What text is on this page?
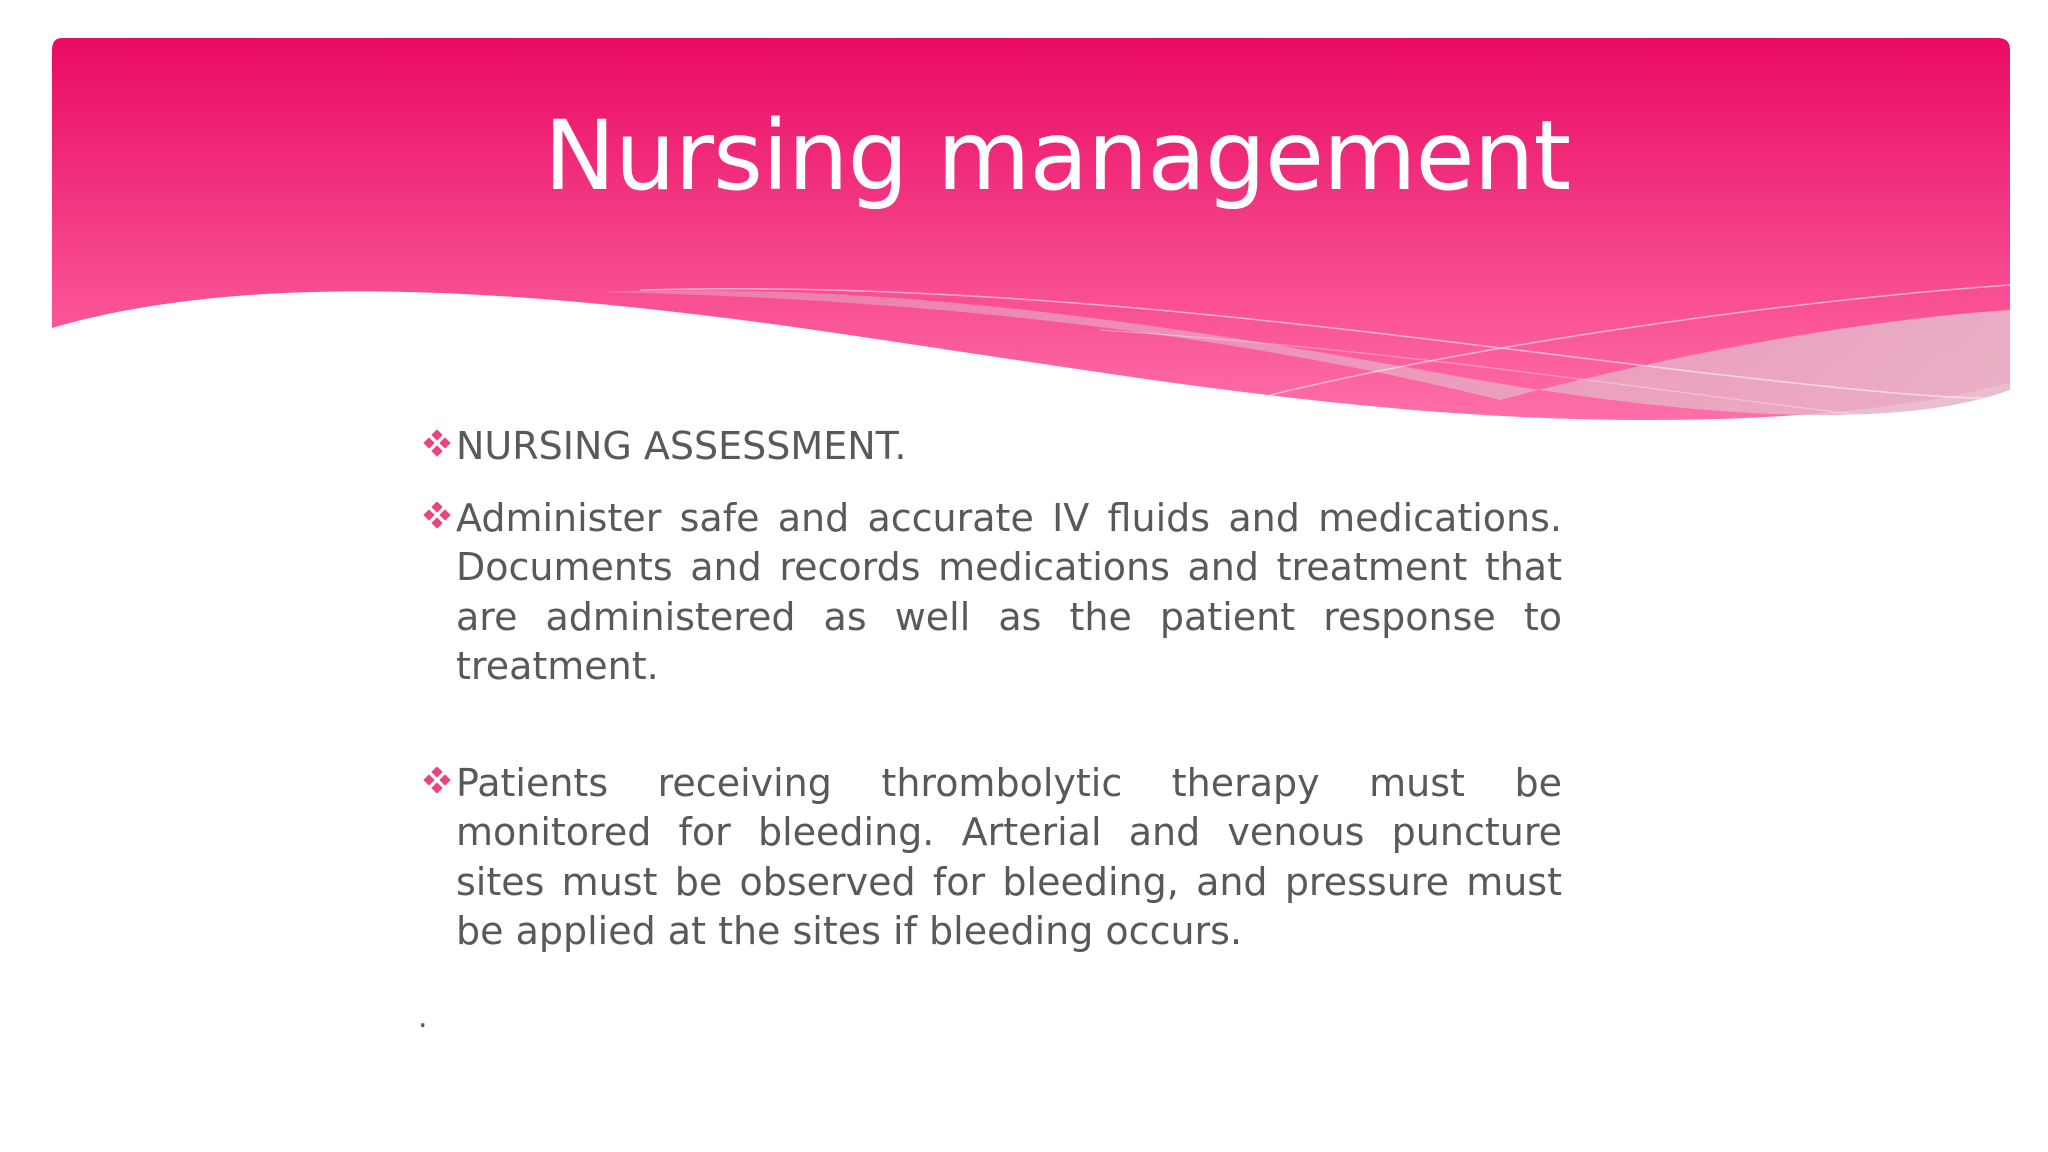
Nursing management

NURSING ASSESSMENT.

Administer safe and accurate IV fluids and medications. Documents and records medications and treatment that are administered as well as the patient response to treatment.

Patients receiving thrombolytic therapy must be monitored for bleeding. Arterial and venous puncture sites must be observed for bleeding, and pressure must be applied at the sites if bleeding occurs.

.
